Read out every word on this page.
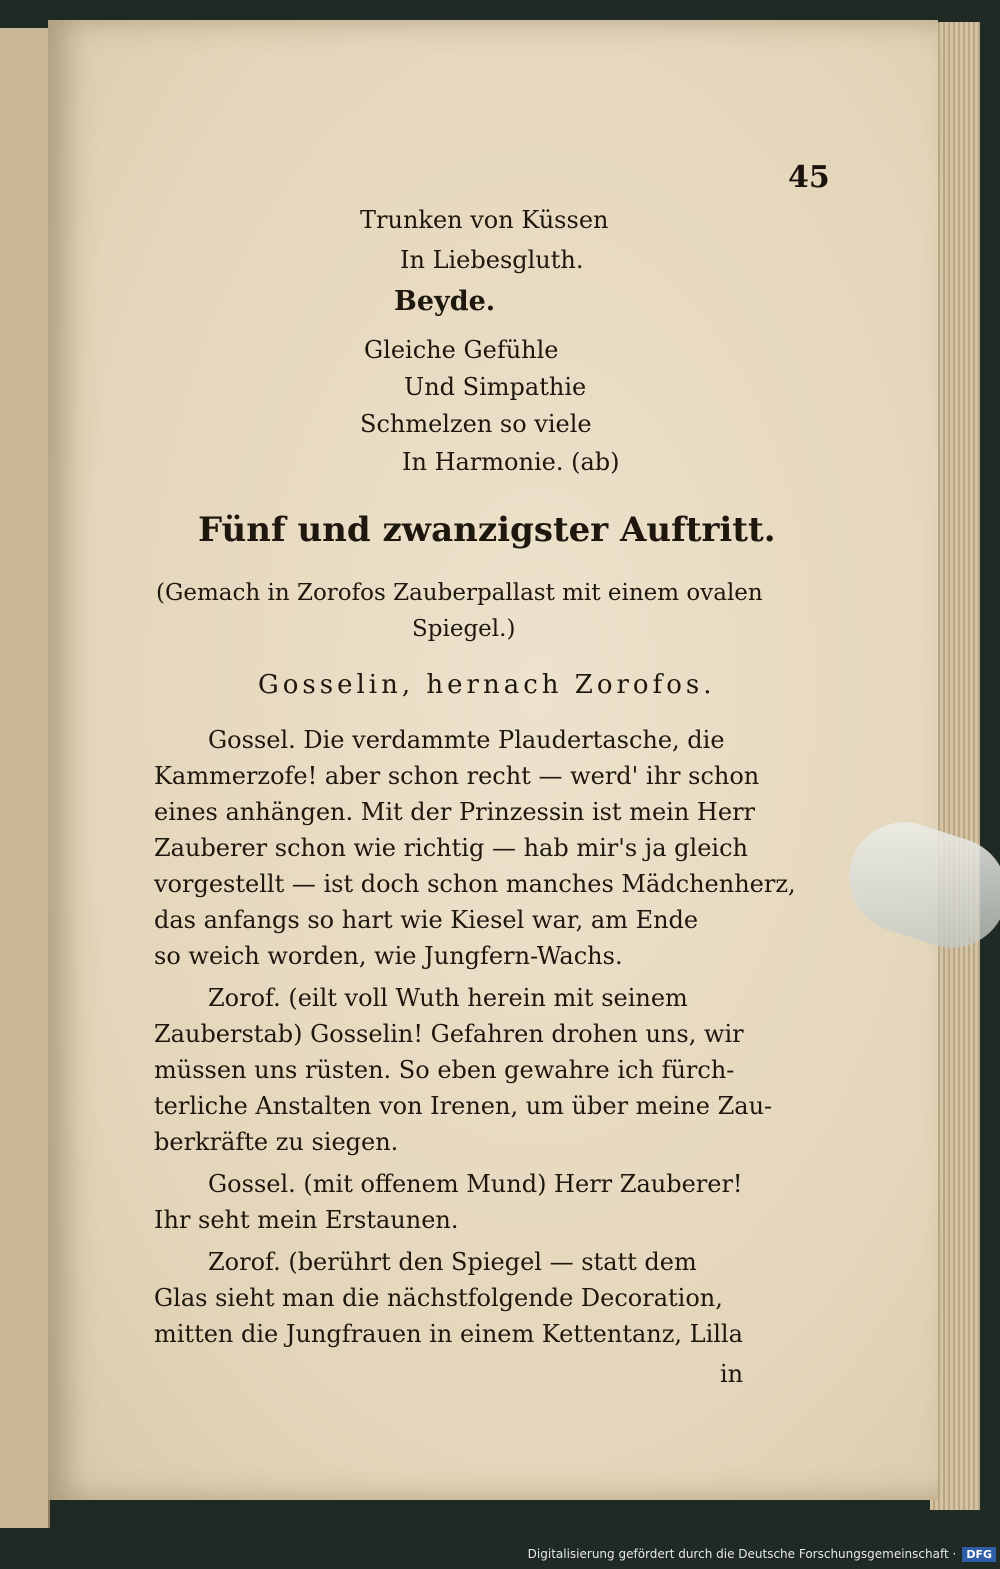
45
Trunken von Küssen
In Liebesgluth.
Beyde.
Gleiche Gefühle
Und Simpathie
Schmelzen so viele
In Harmonie. (ab)
Fünf und zwanzigster Auftritt.
(Gemach in Zorofos Zauberpallast mit einem ovalen
Spiegel.)
Gosselin, hernach Zorofos.
Gossel. Die verdammte Plaudertasche, die
Kammerzofe! aber schon recht — werd' ihr schon
eines anhängen. Mit der Prinzessin ist mein Herr
Zauberer schon wie richtig — hab mir's ja gleich
vorgestellt — ist doch schon manches Mädchenherz,
das anfangs so hart wie Kiesel war, am Ende
so weich worden, wie Jungfern-Wachs.
Zorof. (eilt voll Wuth herein mit seinem
Zauberstab) Gosselin! Gefahren drohen uns, wir
müssen uns rüsten. So eben gewahre ich fürch-
terliche Anstalten von Irenen, um über meine Zau-
berkräfte zu siegen.
Gossel. (mit offenem Mund) Herr Zauberer!
Ihr seht mein Erstaunen.
Zorof. (berührt den Spiegel — statt dem
Glas sieht man die nächstfolgende Decoration,
mitten die Jungfrauen in einem Kettentanz, Lilla
in
Digitalisierung gefördert durch die Deutsche Forschungsgemeinschaft · DFG
